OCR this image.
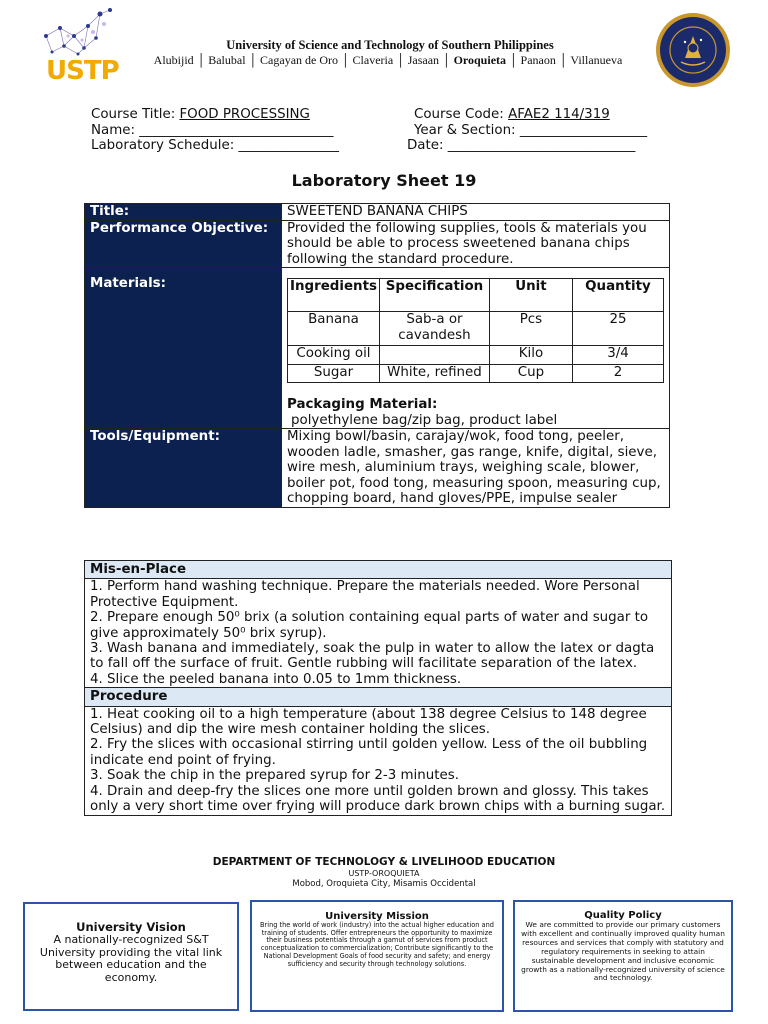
USTP
University of Science and Technology of Southern Philippines
Alubijid │ Balubal │ Cagayan de Oro │ Claveria │ Jasaan │ Oroquieta │ Panaon │ Villanueva
Course Title: FOOD PROCESSING	Course Code: AFAE2 114/319
Name: _____________________________	Year & Section: ___________________
Laboratory Schedule: _______________	Date: ____________________________
Laboratory Sheet 19
Title:	SWEETEND BANANA CHIPS
Performance Objective:	Provided the following supplies, tools & materials you should be able to process sweetened banana chips following the standard procedure.
Materials:		Ingredients	Specification	Unit	Quantity
Banana	Sab-a or cavandesh	Pcs	25
Cooking oil		Kilo	3/4
Sugar	White, refined	Cup	2
Packaging Material:
polyethylene bag/zip bag, product label

Tools/Equipment:	Mixing bowl/basin, carajay/wok, food tong, peeler, wooden ladle, smasher, gas range, knife, digital, sieve, wire mesh, aluminium trays, weighing scale, blower, boiler pot, food tong, measuring spoon, measuring cup, chopping board, hand gloves/PPE, impulse sealer
Mis-en-Place

1. Perform hand washing technique. Prepare the materials needed. Wore Personal Protective Equipment.

2. Prepare enough 50⁰ brix (a solution containing equal parts of water and sugar to give approximately 50⁰ brix syrup).

3. Wash banana and immediately, soak the pulp in water to allow the latex or dagta to fall off the surface of fruit. Gentle rubbing will facilitate separation of the latex.

4. Slice the peeled banana into 0.05 to 1mm thickness.

Procedure

1. Heat cooking oil to a high temperature (about 138 degree Celsius to 148 degree Celsius) and dip the wire mesh container holding the slices.

2. Fry the slices with occasional stirring until golden yellow. Less of the oil bubbling indicate end point of frying.

3. Soak the chip in the prepared syrup for 2-3 minutes.

4. Drain and deep-fry the slices one more until golden brown and glossy. This takes only a very short time over frying will produce dark brown chips with a burning sugar.

DEPARTMENT OF TECHNOLOGY & LIVELIHOOD EDUCATION
USTP-OROQUIETA
Mobod, Oroquieta City, Misamis Occidental
University Vision
A nationally-recognized S&T University providing the vital link between education and the economy.
University Mission
Bring the world of work (industry) into the actual higher education and training of students. Offer entrepreneurs the opportunity to maximize their business potentials through a gamut of services from product conceptualization to commercialization; Contribute significantly to the National Development Goals of food security and safety; and energy sufficiency and security through technology solutions.
Quality Policy
We are committed to provide our primary customers with excellent and continually improved quality human resources and services that comply with statutory and regulatory requirements in seeking to attain sustainable development and inclusive economic growth as a nationally-recognized university of science and technology.
